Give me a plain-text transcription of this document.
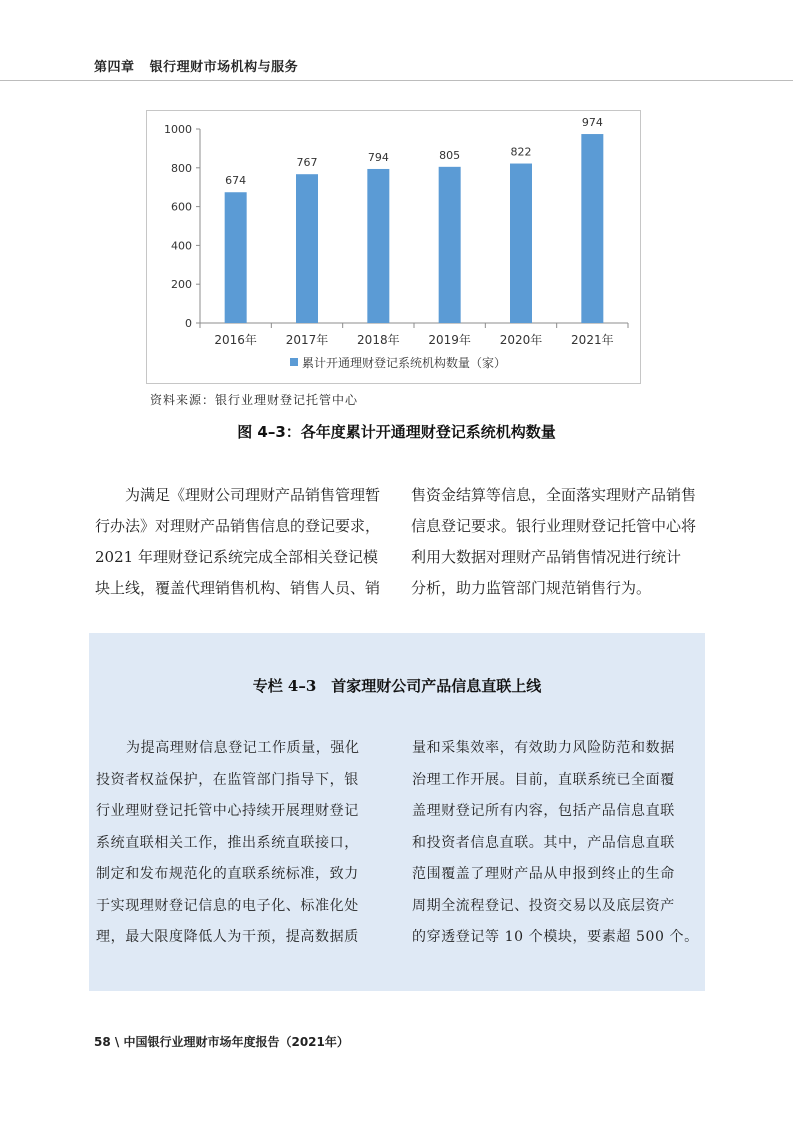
第四章 银行理财市场机构与服务
0
200
400
600
800
1000
674
2016年
767
2017年
794
2018年
805
2019年
822
2020年
974
2021年
累计开通理财登记系统机构数量（家）
资料来源：银行业理财登记托管中心
图 4–3：各年度累计开通理财登记系统机构数量
为满足《理财公司理财产品销售管理暂
行办法》对理财产品销售信息的登记要求，
2021 年理财登记系统完成全部相关登记模
块上线，覆盖代理销售机构、销售人员、销
售资金结算等信息，全面落实理财产品销售
信息登记要求。银行业理财登记托管中心将
利用大数据对理财产品销售情况进行统计
分析，助力监管部门规范销售行为。
专栏 4–3　首家理财公司产品信息直联上线
为提高理财信息登记工作质量，强化
投资者权益保护，在监管部门指导下，银
行业理财登记托管中心持续开展理财登记
系统直联相关工作，推出系统直联接口，
制定和发布规范化的直联系统标准，致力
于实现理财登记信息的电子化、标准化处
理，最大限度降低人为干预，提高数据质
量和采集效率，有效助力风险防范和数据
治理工作开展。目前，直联系统已全面覆
盖理财登记所有内容，包括产品信息直联
和投资者信息直联。其中，产品信息直联
范围覆盖了理财产品从申报到终止的生命
周期全流程登记、投资交易以及底层资产
的穿透登记等 10 个模块，要素超 500 个。
58 \ 中国银行业理财市场年度报告（2021年）
